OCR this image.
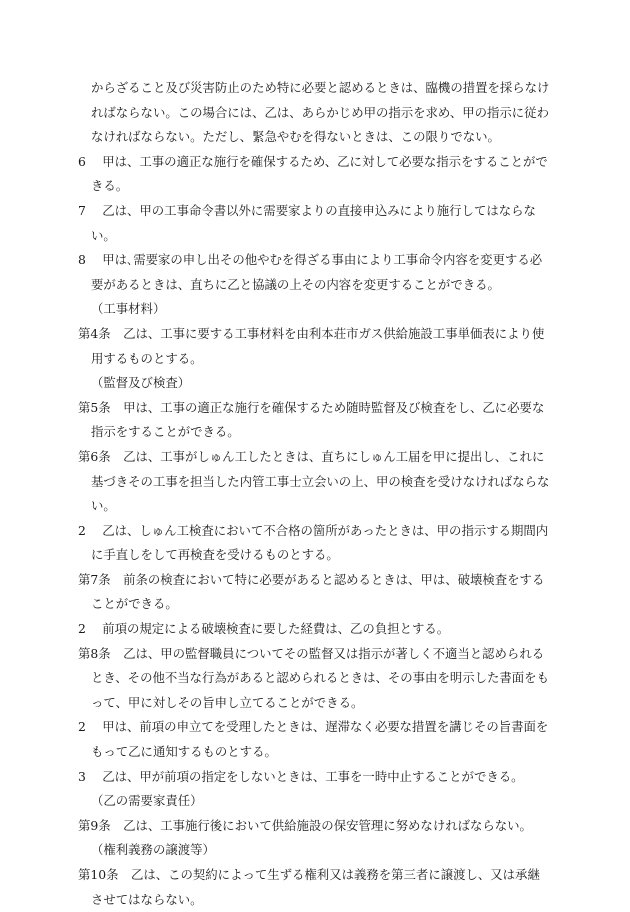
からざること及び災害防止のため特に必要と認めるときは、臨機の措置を採らなければならない。この場合には、乙は、あらかじめ甲の指示を求め、甲の指示に従わなければならない。ただし、緊急やむを得ないときは、この限りでない。
6　 甲は、工事の適正な施行を確保するため、乙に対して必要な指示をすることができる。
7　 乙は、甲の工事命令書以外に需要家よりの直接申込みにより施行してはならない。
8　 甲は､需要家の申し出その他やむを得ざる事由により工事命令内容を変更する必要があるときは、直ちに乙と協議の上その内容を変更することができる。
（工事材料）
第4条　 乙は、工事に要する工事材料を由利本荘市ガス供給施設工事単価表により使用するものとする。
（監督及び検査）
第5条　 甲は、工事の適正な施行を確保するため随時監督及び検査をし、乙に必要な指示をすることができる。
第6条　 乙は、工事がしゅん工したときは、直ちにしゅん工届を甲に提出し、これに基づきその工事を担当した内管工事士立会いの上、甲の検査を受けなければならない。
2　 乙は、しゅん工検査において不合格の箇所があったときは、甲の指示する期間内に手直しをして再検査を受けるものとする。
第7条　 前条の検査において特に必要があると認めるときは、甲は、破壊検査をすることができる。
2　 前項の規定による破壊検査に要した経費は、乙の負担とする。
第8条　 乙は、甲の監督職員についてその監督又は指示が著しく不適当と認められるとき、その他不当な行為があると認められるときは、その事由を明示した書面をもって、甲に対しその旨申し立てることができる。
2　 甲は、前項の申立てを受理したときは、遅滞なく必要な措置を講じその旨書面をもって乙に通知するものとする。
3　 乙は、甲が前項の指定をしないときは、工事を一時中止することができる。
（乙の需要家責任）
第9条　 乙は、工事施行後において供給施設の保安管理に努めなければならない。
（権利義務の譲渡等）
第10条　 乙は、この契約によって生ずる権利又は義務を第三者に譲渡し、又は承継させてはならない。
